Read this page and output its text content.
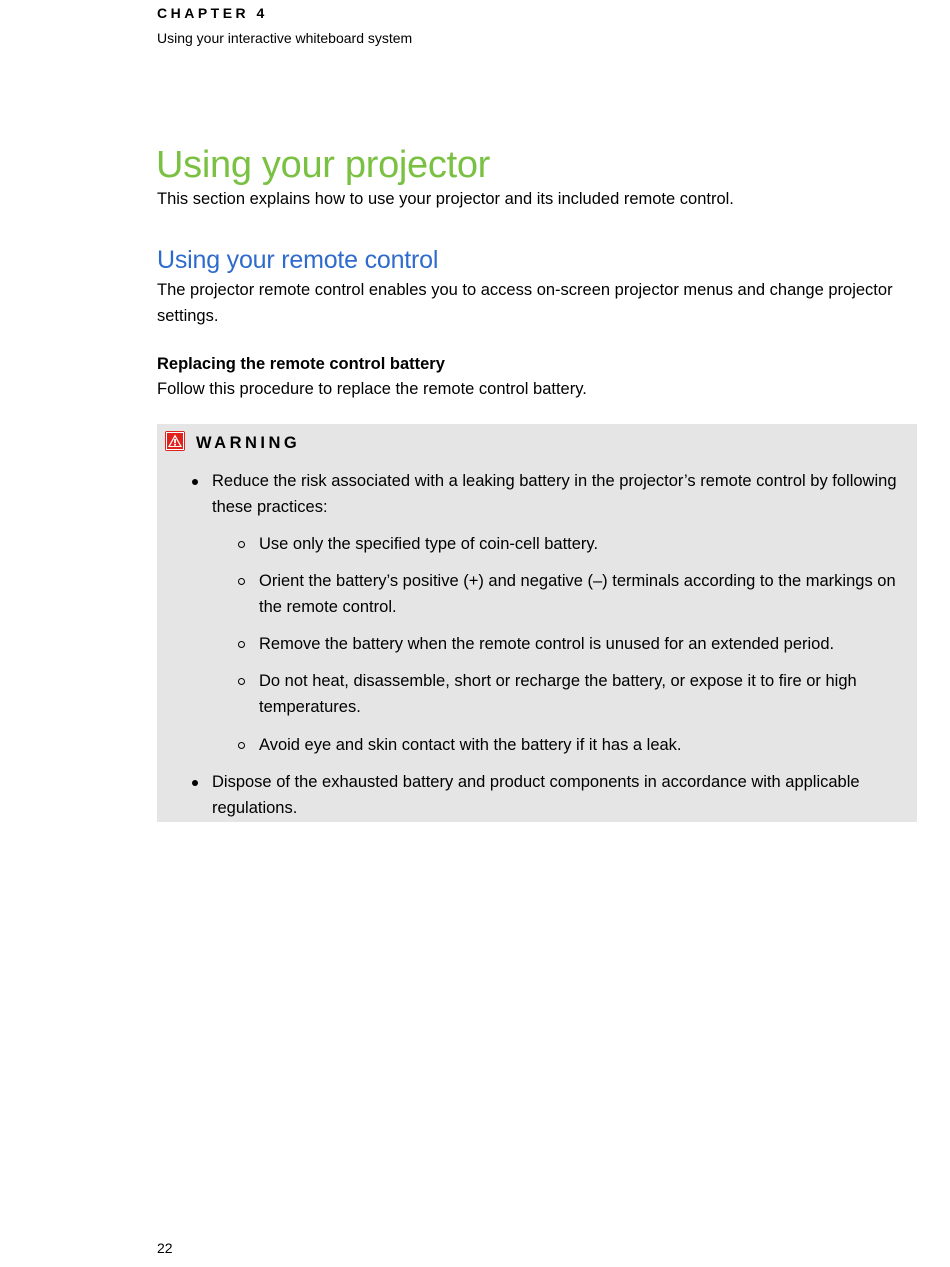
CHAPTER 4
Using your interactive whiteboard system
Using your projector

This section explains how to use your projector and its included remote control.

Using your remote control

The projector remote control enables you to access on-screen projector menus and change projector settings.

Replacing the remote control battery

Follow this procedure to replace the remote control battery.

WARNING
Reduce the risk associated with a leaking battery in the projector’s remote control by following these practices:
Use only the specified type of coin-cell battery.
Orient the battery’s positive (+) and negative (–) terminals according to the markings on the remote control.
Remove the battery when the remote control is unused for an extended period.
Do not heat, disassemble, short or recharge the battery, or expose it to fire or high temperatures.
Avoid eye and skin contact with the battery if it has a leak.
Dispose of the exhausted battery and product components in accordance with applicable regulations.
22
